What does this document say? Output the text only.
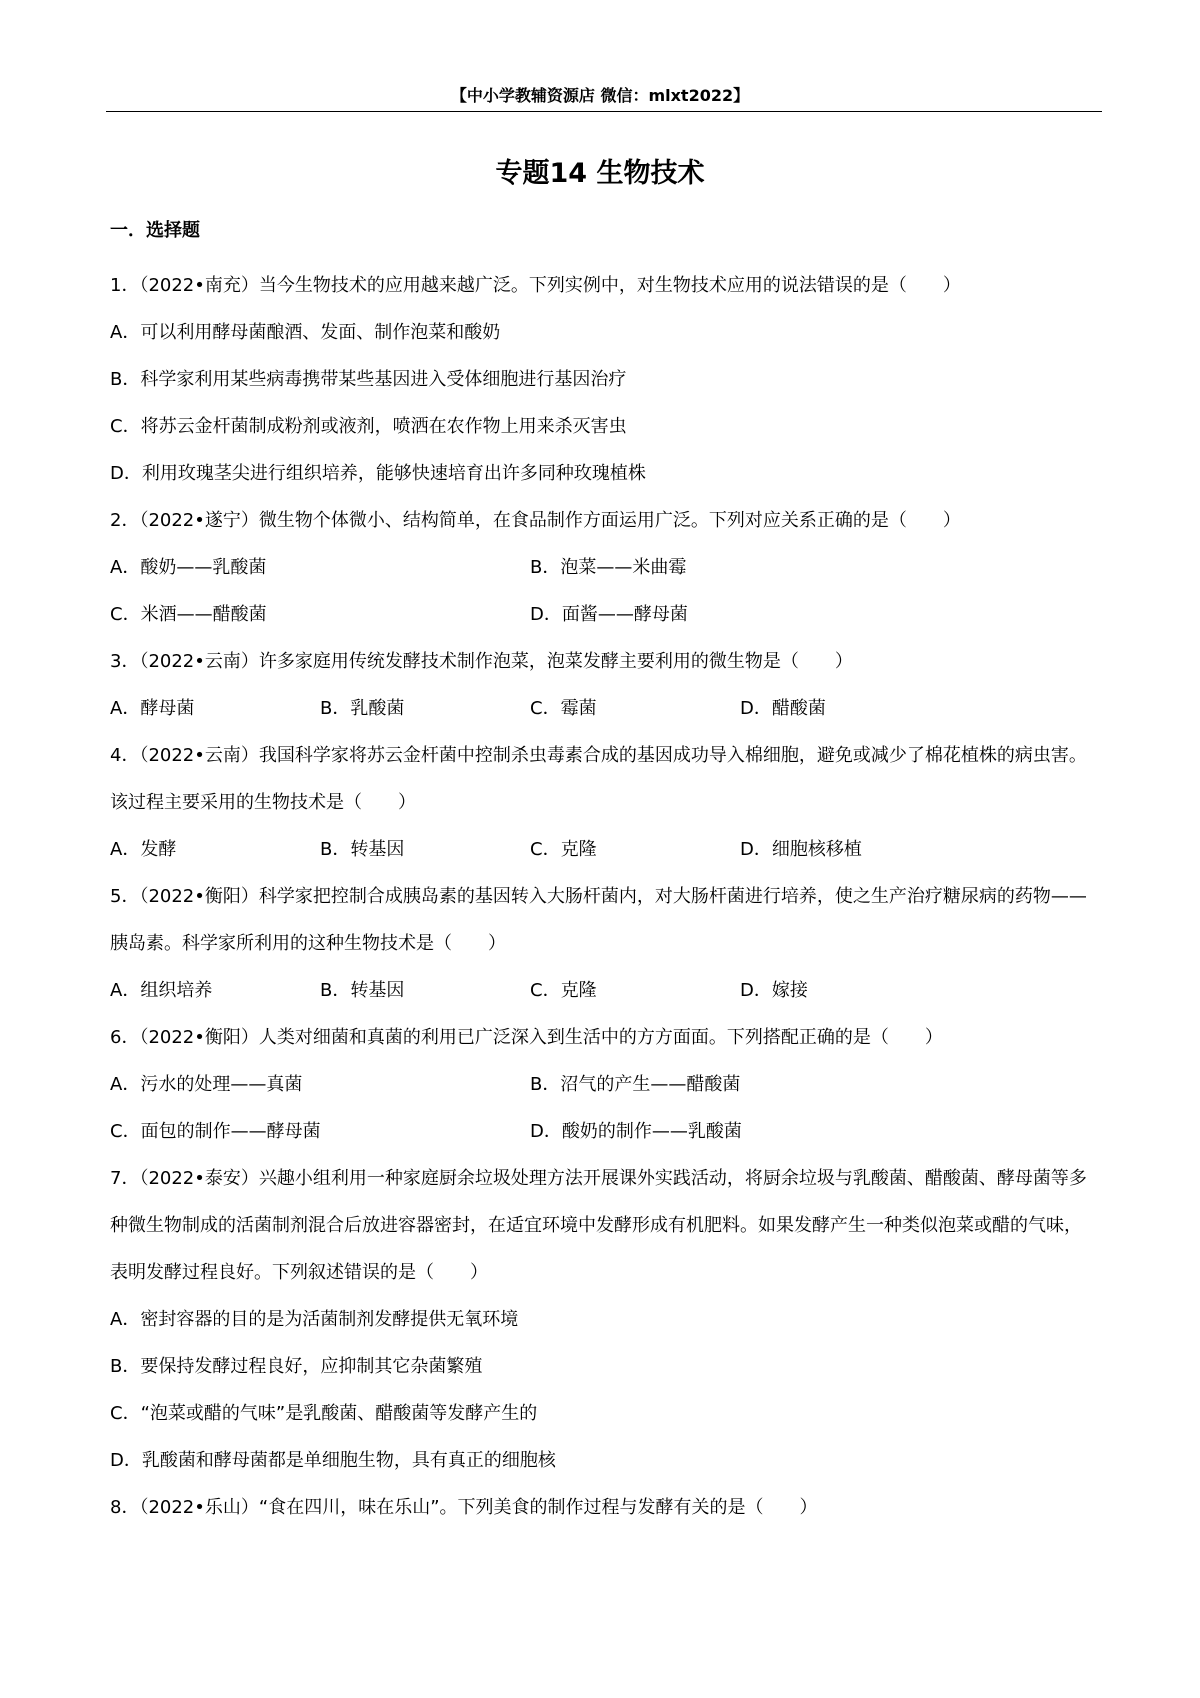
【中小学教辅资源店 微信：mlxt2022】
专题14 生物技术
一．选择题

1．（2022•南充）当今生物技术的应用越来越广泛。下列实例中，对生物技术应用的说法错误的是（　　）

A．可以利用酵母菌酿酒、发面、制作泡菜和酸奶

B．科学家利用某些病毒携带某些基因进入受体细胞进行基因治疗

C．将苏云金杆菌制成粉剂或液剂，喷洒在农作物上用来杀灭害虫

D．利用玫瑰茎尖进行组织培养，能够快速培育出许多同种玫瑰植株

2．（2022•遂宁）微生物个体微小、结构简单，在食品制作方面运用广泛。下列对应关系正确的是（　　）

A．酸奶——乳酸菌	B．泡菜——米曲霉
C．米酒——醋酸菌	D．面酱——酵母菌

3．（2022•云南）许多家庭用传统发酵技术制作泡菜，泡菜发酵主要利用的微生物是（　　）

A．酵母菌	B．乳酸菌	C．霉菌	D．醋酸菌

4．（2022•云南）我国科学家将苏云金杆菌中控制杀虫毒素合成的基因成功导入棉细胞，避免或减少了棉花植株的病虫害。该过程主要采用的生物技术是（　　）

A．发酵	B．转基因	C．克隆	D．细胞核移植

5．（2022•衡阳）科学家把控制合成胰岛素的基因转入大肠杆菌内，对大肠杆菌进行培养，使之生产治疗糖尿病的药物——胰岛素。科学家所利用的这种生物技术是（　　）

A．组织培养	B．转基因	C．克隆	D．嫁接

6．（2022•衡阳）人类对细菌和真菌的利用已广泛深入到生活中的方方面面。下列搭配正确的是（　　）

A．污水的处理——真菌	B．沼气的产生——醋酸菌
C．面包的制作——酵母菌	D．酸奶的制作——乳酸菌

7．（2022•泰安）兴趣小组利用一种家庭厨余垃圾处理方法开展课外实践活动，将厨余垃圾与乳酸菌、醋酸菌、酵母菌等多种微生物制成的活菌制剂混合后放进容器密封，在适宜环境中发酵形成有机肥料。如果发酵产生一种类似泡菜或醋的气味，表明发酵过程良好。下列叙述错误的是（　　）

A．密封容器的目的是为活菌制剂发酵提供无氧环境

B．要保持发酵过程良好，应抑制其它杂菌繁殖

C．“泡菜或醋的气味”是乳酸菌、醋酸菌等发酵产生的

D．乳酸菌和酵母菌都是单细胞生物，具有真正的细胞核

8．（2022•乐山）“食在四川，味在乐山”。下列美食的制作过程与发酵有关的是（　　）
